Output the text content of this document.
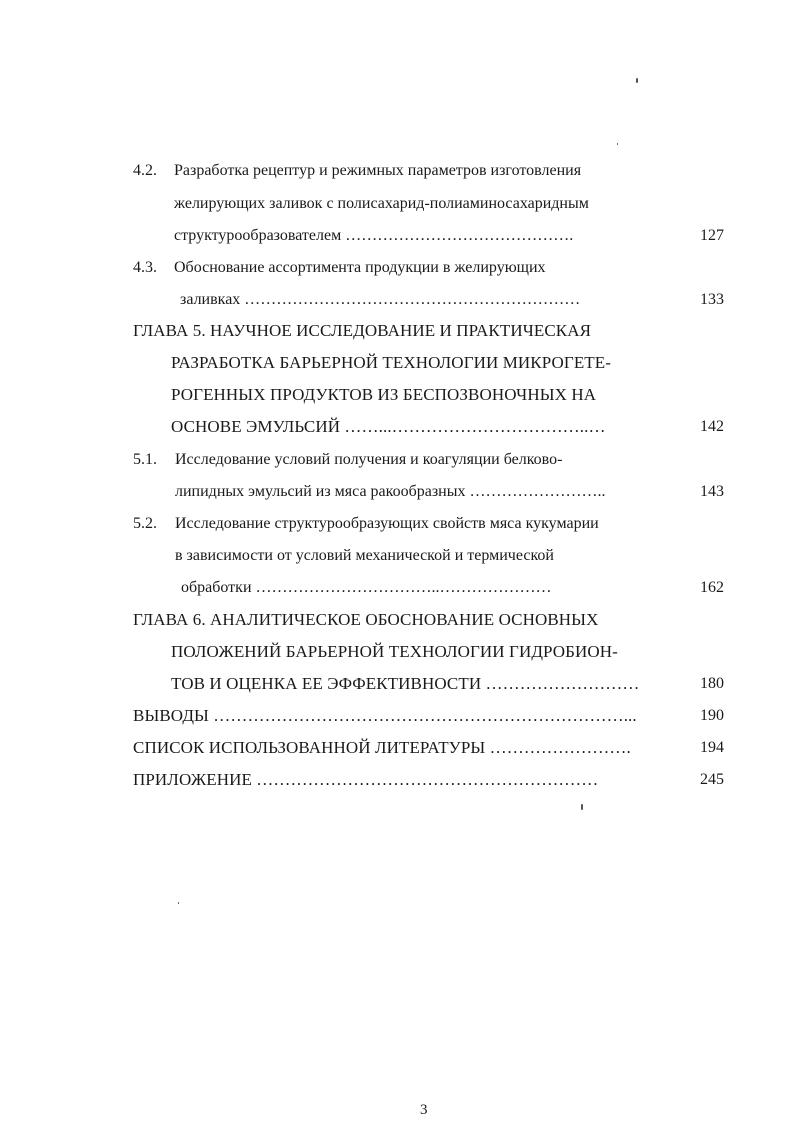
4.2. Разработка рецептур и режимных параметров изготовления
желирующих заливок с полисахарид-полиаминосахаридным
структурообразователем …………………………………….	127
4.3. Обоснование ассортимента продукции в желирующих
заливках ………………………………………………………	133
ГЛАВА 5. НАУЧНОЕ ИССЛЕДОВАНИЕ И ПРАКТИЧЕСКАЯ
РАЗРАБОТКА БАРЬЕРНОЙ ТЕХНОЛОГИИ МИКРОГЕТЕ-
РОГЕННЫХ ПРОДУКТОВ ИЗ БЕСПОЗВОНОЧНЫХ НА
ОСНОВЕ ЭМУЛЬСИЙ ……...……………………………..…	142
5.1. Исследование условий получения и коагуляции белково-
липидных эмульсий из мяса ракообразных ……………………..	143
5.2. Исследование структурообразующих свойств мяса кукумарии
в зависимости от условий механической и термической
обработки ……………………………..…………………	162
ГЛАВА 6. АНАЛИТИЧЕСКОЕ ОБОСНОВАНИЕ ОСНОВНЫХ
ПОЛОЖЕНИЙ БАРЬЕРНОЙ ТЕХНОЛОГИИ ГИДРОБИОН-
ТОВ И ОЦЕНКА ЕЕ ЭФФЕКТИВНОСТИ ………………………	180
ВЫВОДЫ ………………………………………………………………...	190
СПИСОК ИСПОЛЬЗОВАННОЙ ЛИТЕРАТУРЫ …………………….	194
ПРИЛОЖЕНИЕ ……………………………………………………	245
3
